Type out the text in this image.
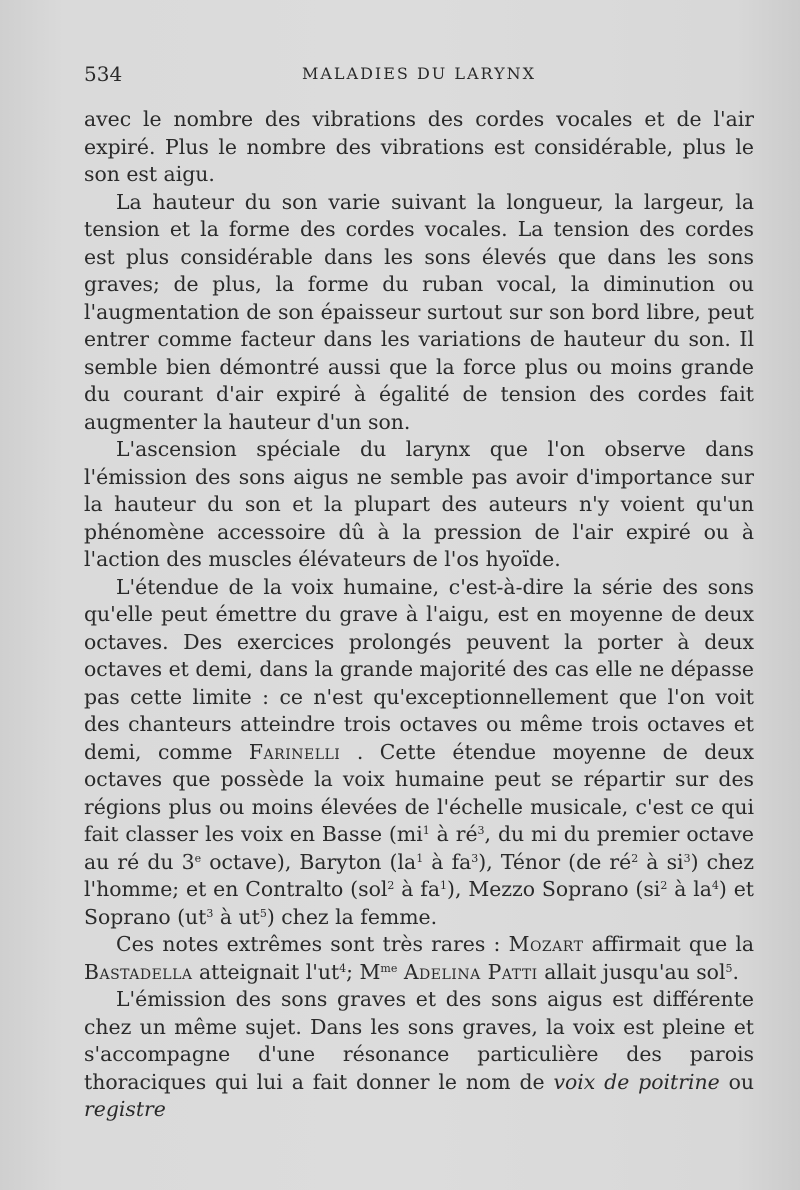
534	MALADIES DU LARYNX

avec le nombre des vibrations des cordes vocales et de l'air expiré. Plus le nombre des vibrations est considérable, plus le son est aigu.

La hauteur du son varie suivant la longueur, la largeur, la tension et la forme des cordes vocales. La tension des cordes est plus considérable dans les sons élevés que dans les sons graves; de plus, la forme du ruban vocal, la diminution ou l'augmentation de son épaisseur surtout sur son bord libre, peut entrer comme facteur dans les variations de hauteur du son. Il semble bien démontré aussi que la force plus ou moins grande du courant d'air expiré à égalité de tension des cordes fait augmenter la hauteur d'un son.

L'ascension spéciale du larynx que l'on observe dans l'émission des sons aigus ne semble pas avoir d'importance sur la hauteur du son et la plupart des auteurs n'y voient qu'un phénomène accessoire dû à la pression de l'air expiré ou à l'action des muscles élévateurs de l'os hyoïde.

L'étendue de la voix humaine, c'est-à-dire la série des sons qu'elle peut émettre du grave à l'aigu, est en moyenne de deux octaves. Des exercices prolongés peuvent la porter à deux octaves et demi, dans la grande majorité des cas elle ne dépasse pas cette limite : ce n'est qu'exceptionnellement que l'on voit des chanteurs atteindre trois octaves ou même trois octaves et demi, comme Farinelli . Cette étendue moyenne de deux octaves que possède la voix humaine peut se répartir sur des régions plus ou moins élevées de l'échelle musicale, c'est ce qui fait classer les voix en Basse ($mi^1$ à $ré^3$, du mi du premier octave au ré du 3e octave), Baryton ($la^1$ à $fa^3$), Ténor (de $ré^2$ à $si^3$) chez l'homme; et en Contralto (sol$^2$ à $fa^1$), Mezzo Soprano ($si^2$ à $la^4$) et Soprano ($ut^3$ à $ut^5$) chez la femme.

Ces notes extrêmes sont très rares : Mozart affirmait que la Bastadella atteignait $l'ut^4$; $M^{me}$ Adelina Patti allait jusqu'au sol$^5$.

L'émission des sons graves et des sons aigus est différente chez un même sujet. Dans les sons graves, la voix est pleine et s'accompagne d'une résonance particulière des parois thoraciques qui lui a fait donner le nom de voix de poitrine ou registre
